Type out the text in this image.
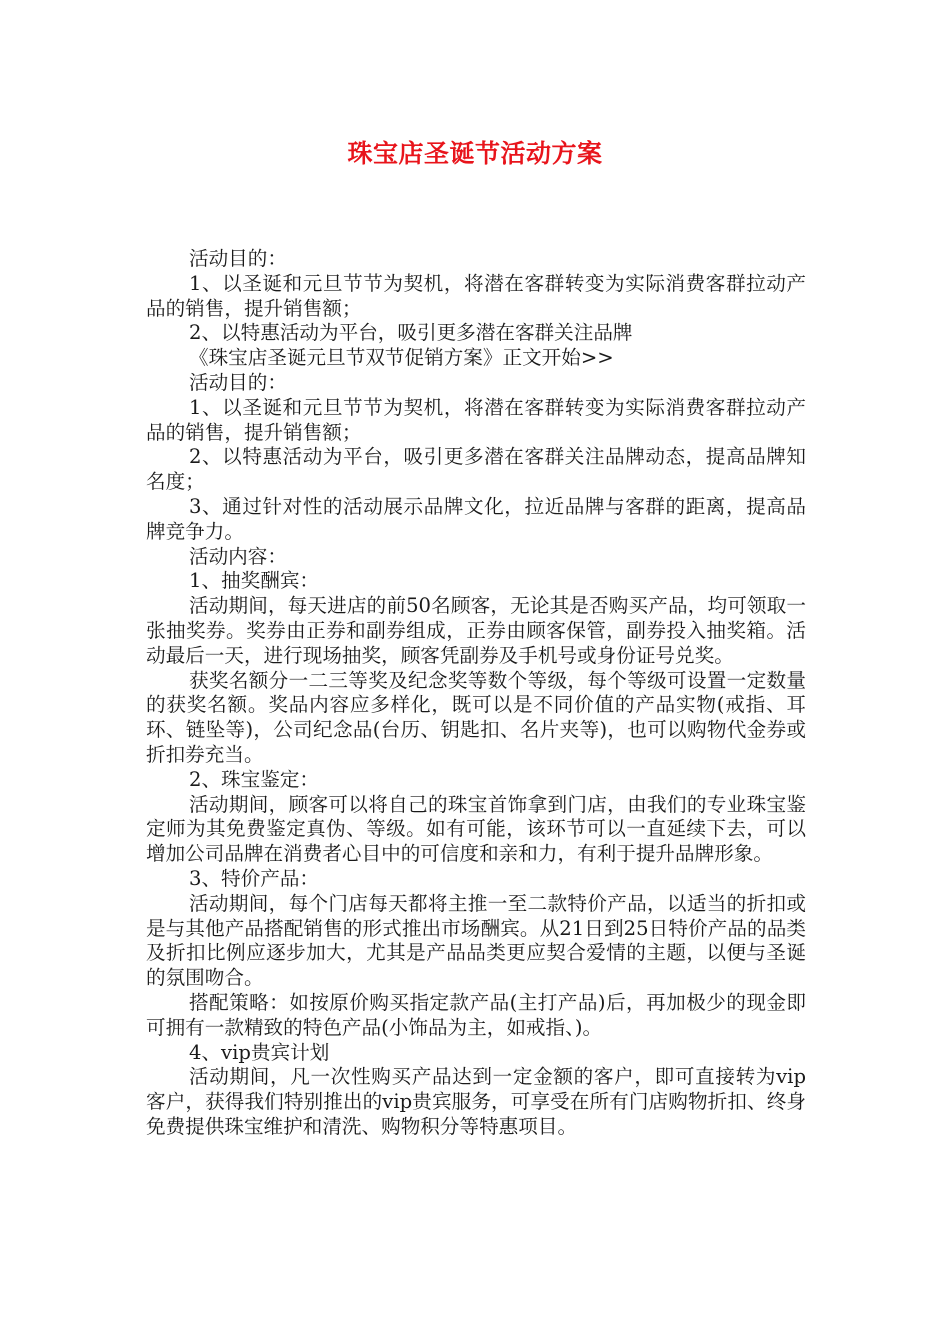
珠宝店圣诞节活动方案

活动目的：

1、以圣诞和元旦节节为契机，将潜在客群转变为实际消费客群拉动产品的销售，提升销售额；

2、以特惠活动为平台，吸引更多潜在客群关注品牌

《珠宝店圣诞元旦节双节促销方案》正文开始>>

活动目的：

1、以圣诞和元旦节节为契机，将潜在客群转变为实际消费客群拉动产品的销售，提升销售额；

2、以特惠活动为平台，吸引更多潜在客群关注品牌动态，提高品牌知名度；

3、通过针对性的活动展示品牌文化，拉近品牌与客群的距离，提高品牌竞争力。

活动内容：

1、抽奖酬宾：

活动期间，每天进店的前50名顾客，无论其是否购买产品，均可领取一张抽奖券。奖券由正券和副券组成，正券由顾客保管，副券投入抽奖箱。活动最后一天，进行现场抽奖，顾客凭副券及手机号或身份证号兑奖。

获奖名额分一二三等奖及纪念奖等数个等级，每个等级可设置一定数量的获奖名额。奖品内容应多样化，既可以是不同价值的产品实物(戒指、耳环、链坠等)，公司纪念品(台历、钥匙扣、名片夹等)，也可以购物代金券或折扣券充当。

2、珠宝鉴定：

活动期间，顾客可以将自己的珠宝首饰拿到门店，由我们的专业珠宝鉴定师为其免费鉴定真伪、等级。如有可能，该环节可以一直延续下去，可以增加公司品牌在消费者心目中的可信度和亲和力，有利于提升品牌形象。

3、特价产品：

活动期间，每个门店每天都将主推一至二款特价产品，以适当的折扣或是与其他产品搭配销售的形式推出市场酬宾。从21日到25日特价产品的品类及折扣比例应逐步加大，尤其是产品品类更应契合爱情的主题，以便与圣诞的氛围吻合。

搭配策略：如按原价购买指定款产品(主打产品)后，再加极少的现金即可拥有一款精致的特色产品(小饰品为主，如戒指、)。

4、vip贵宾计划

活动期间，凡一次性购买产品达到一定金额的客户，即可直接转为vip客户，获得我们特别推出的vip贵宾服务，可享受在所有门店购物折扣、终身免费提供珠宝维护和清洗、购物积分等特惠项目。
